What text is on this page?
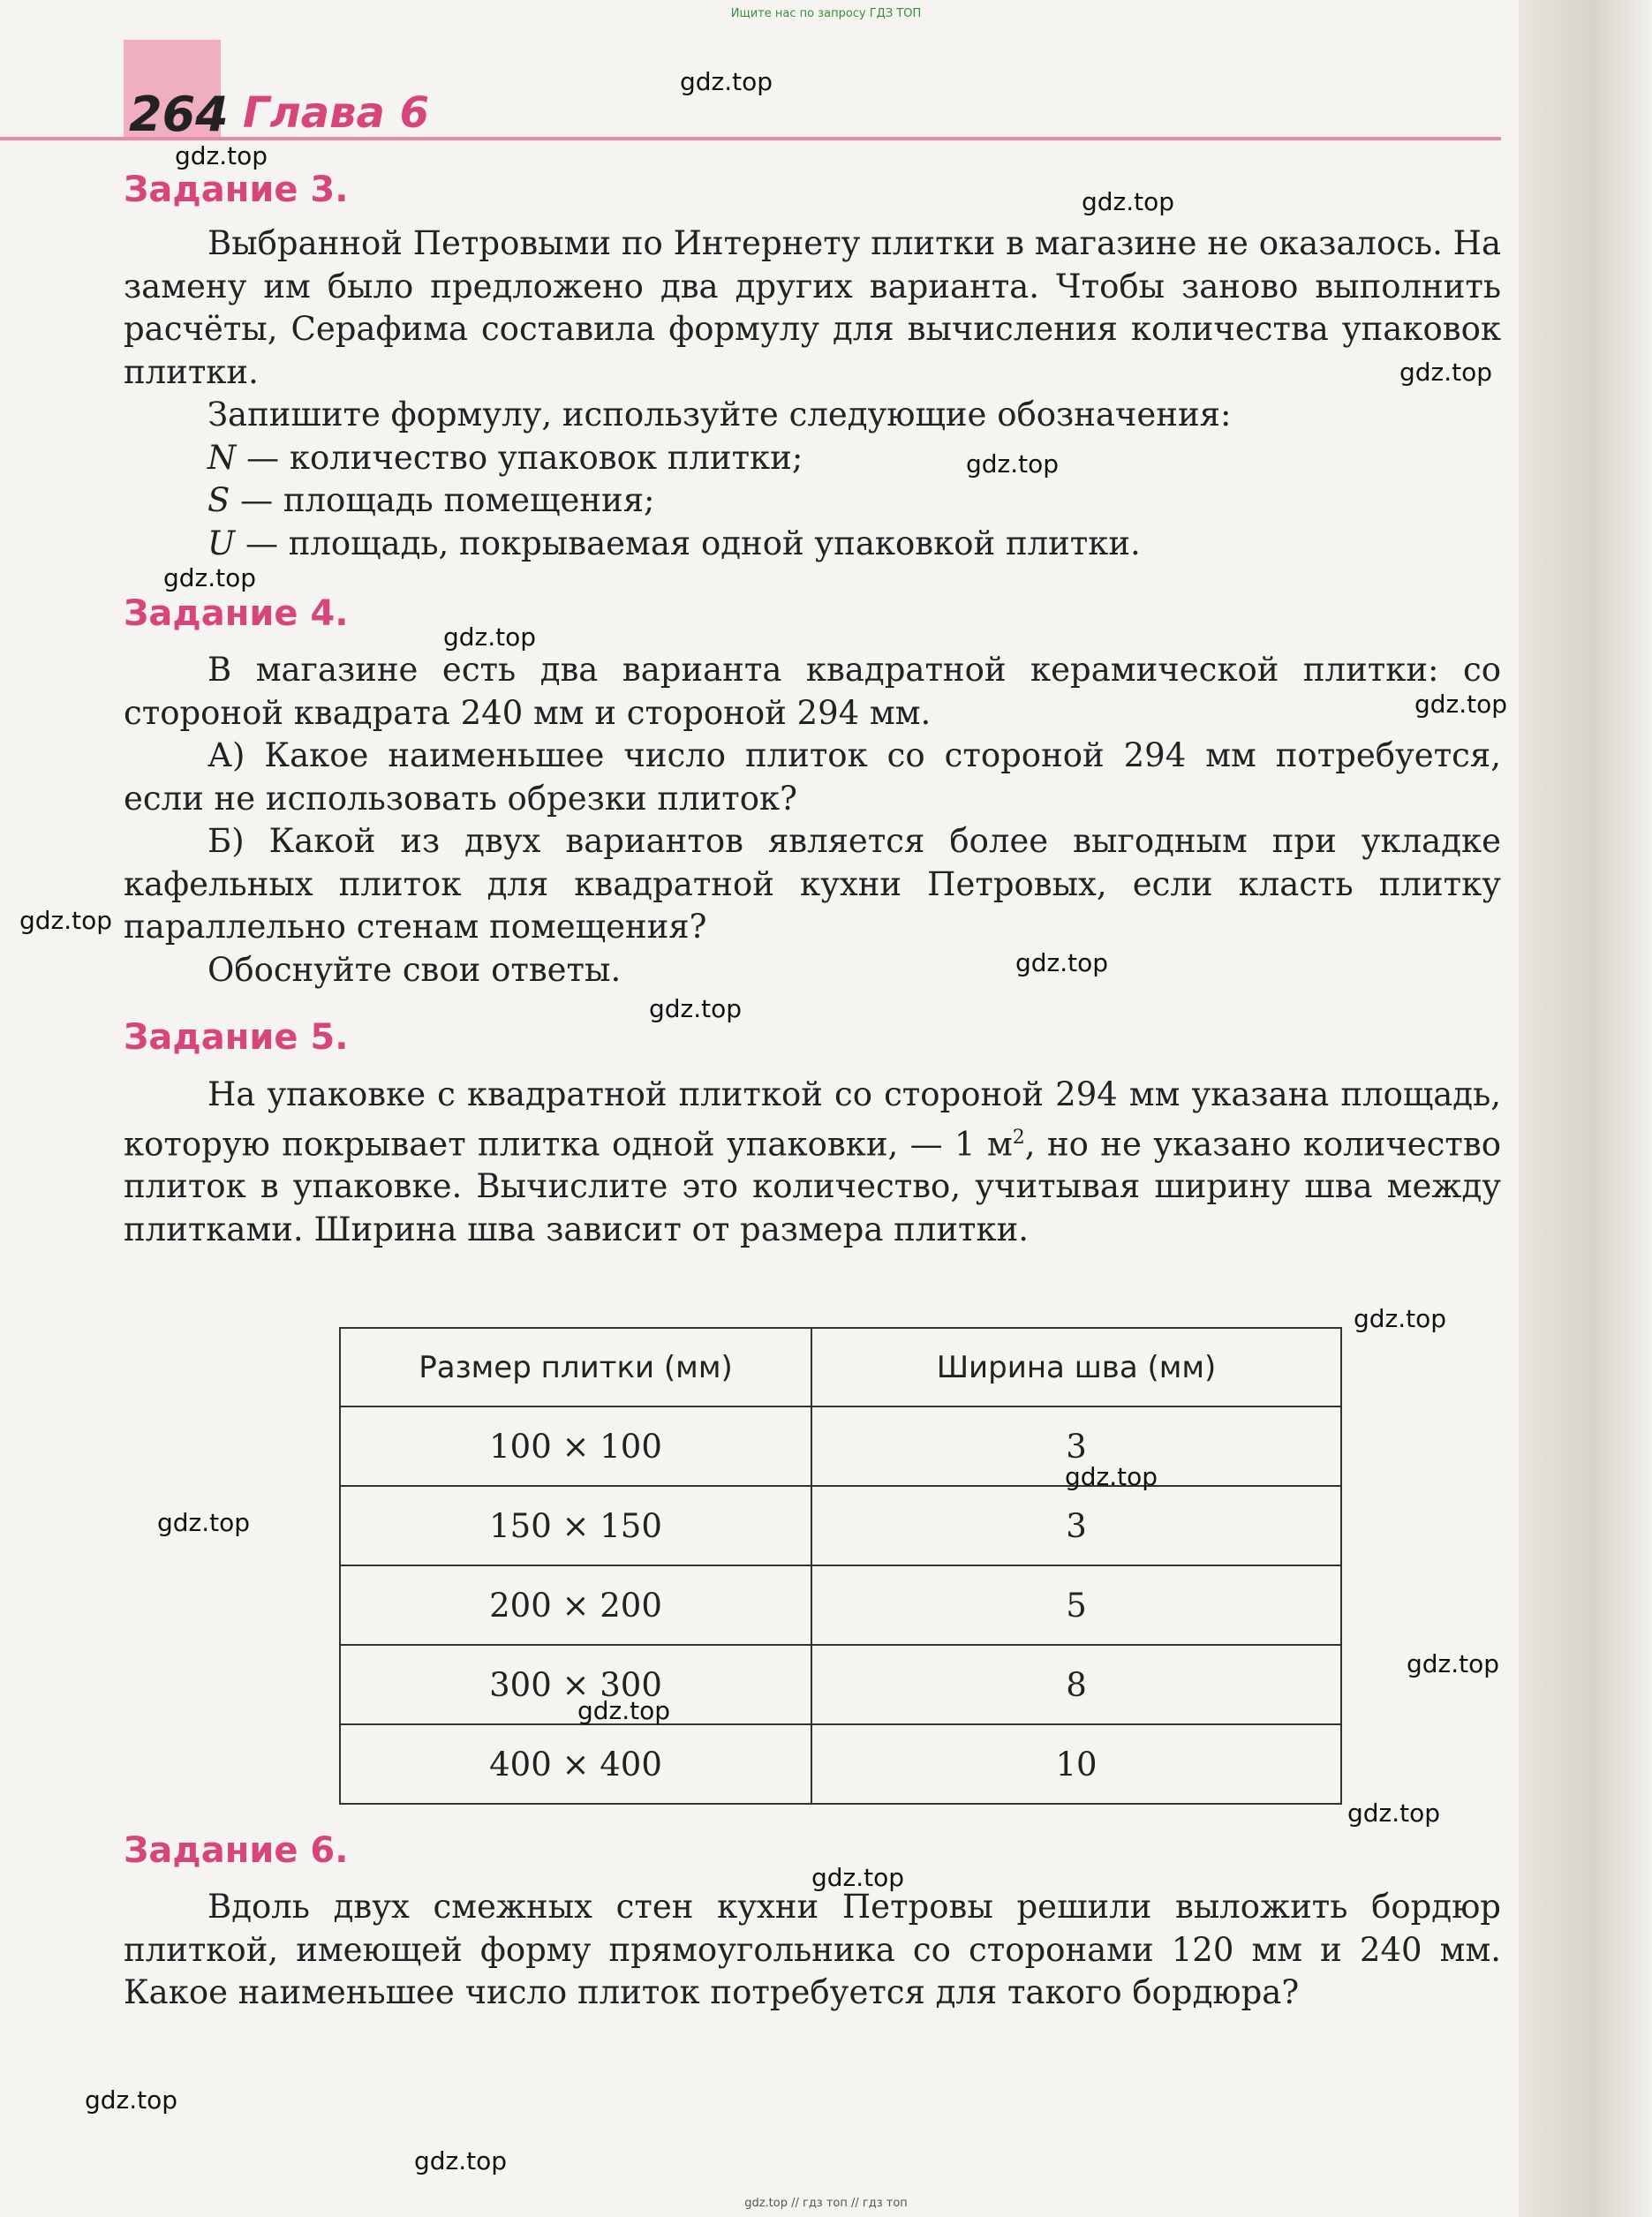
Ищите нас по запросу ГДЗ ТОП
264 Глава 6
Задание 3.

Выбранной Петровыми по Интернету плитки в магазине не оказалось. На замену им было предложено два других варианта. Чтобы заново выполнить расчёты, Серафима составила формулу для вычисления количества упаковок плитки.

Запишите формулу, используйте следующие обозначения:

N — количество упаковок плитки;

S — площадь помещения;

U — площадь, покрываемая одной упаковкой плитки.

Задание 4.

В магазине есть два варианта квадратной керамической плитки: со стороной квадрата 240 мм и стороной 294 мм.

А) Какое наименьшее число плиток со стороной 294 мм потребуется, если не использовать обрезки плиток?

Б) Какой из двух вариантов является более выгодным при укладке кафельных плиток для квадратной кухни Петровых, если класть плитку параллельно стенам помещения?

Обоснуйте свои ответы.

Задание 5.

На упаковке с квадратной плиткой со стороной 294 мм указана площадь, которую покрывает плитка одной упаковки, — 1 $м^2$, но не указано количество плиток в упаковке. Вычислите это количество, учитывая ширину шва между плитками. Ширина шва зависит от размера плитки.

Размер плитки (мм)	Ширина шва (мм)
100 × 100	3
150 × 150	3
200 × 200	5
300 × 300	8
400 × 400	10
Задание 6.

Вдоль двух смежных стен кухни Петровы решили выложить бордюр плиткой, имеющей форму прямоугольника со сторонами 120 мм и 240 мм. Какое наименьшее число плиток потребуется для такого бордюра?

gdz.top
gdz.top
gdz.top
gdz.top
gdz.top
gdz.top
gdz.top
gdz.top
gdz.top
gdz.top
gdz.top
gdz.top
gdz.top
gdz.top
gdz.top
gdz.top
gdz.top
gdz.top
gdz.top
gdz.top
gdz.top // гдз топ // гдз топ
